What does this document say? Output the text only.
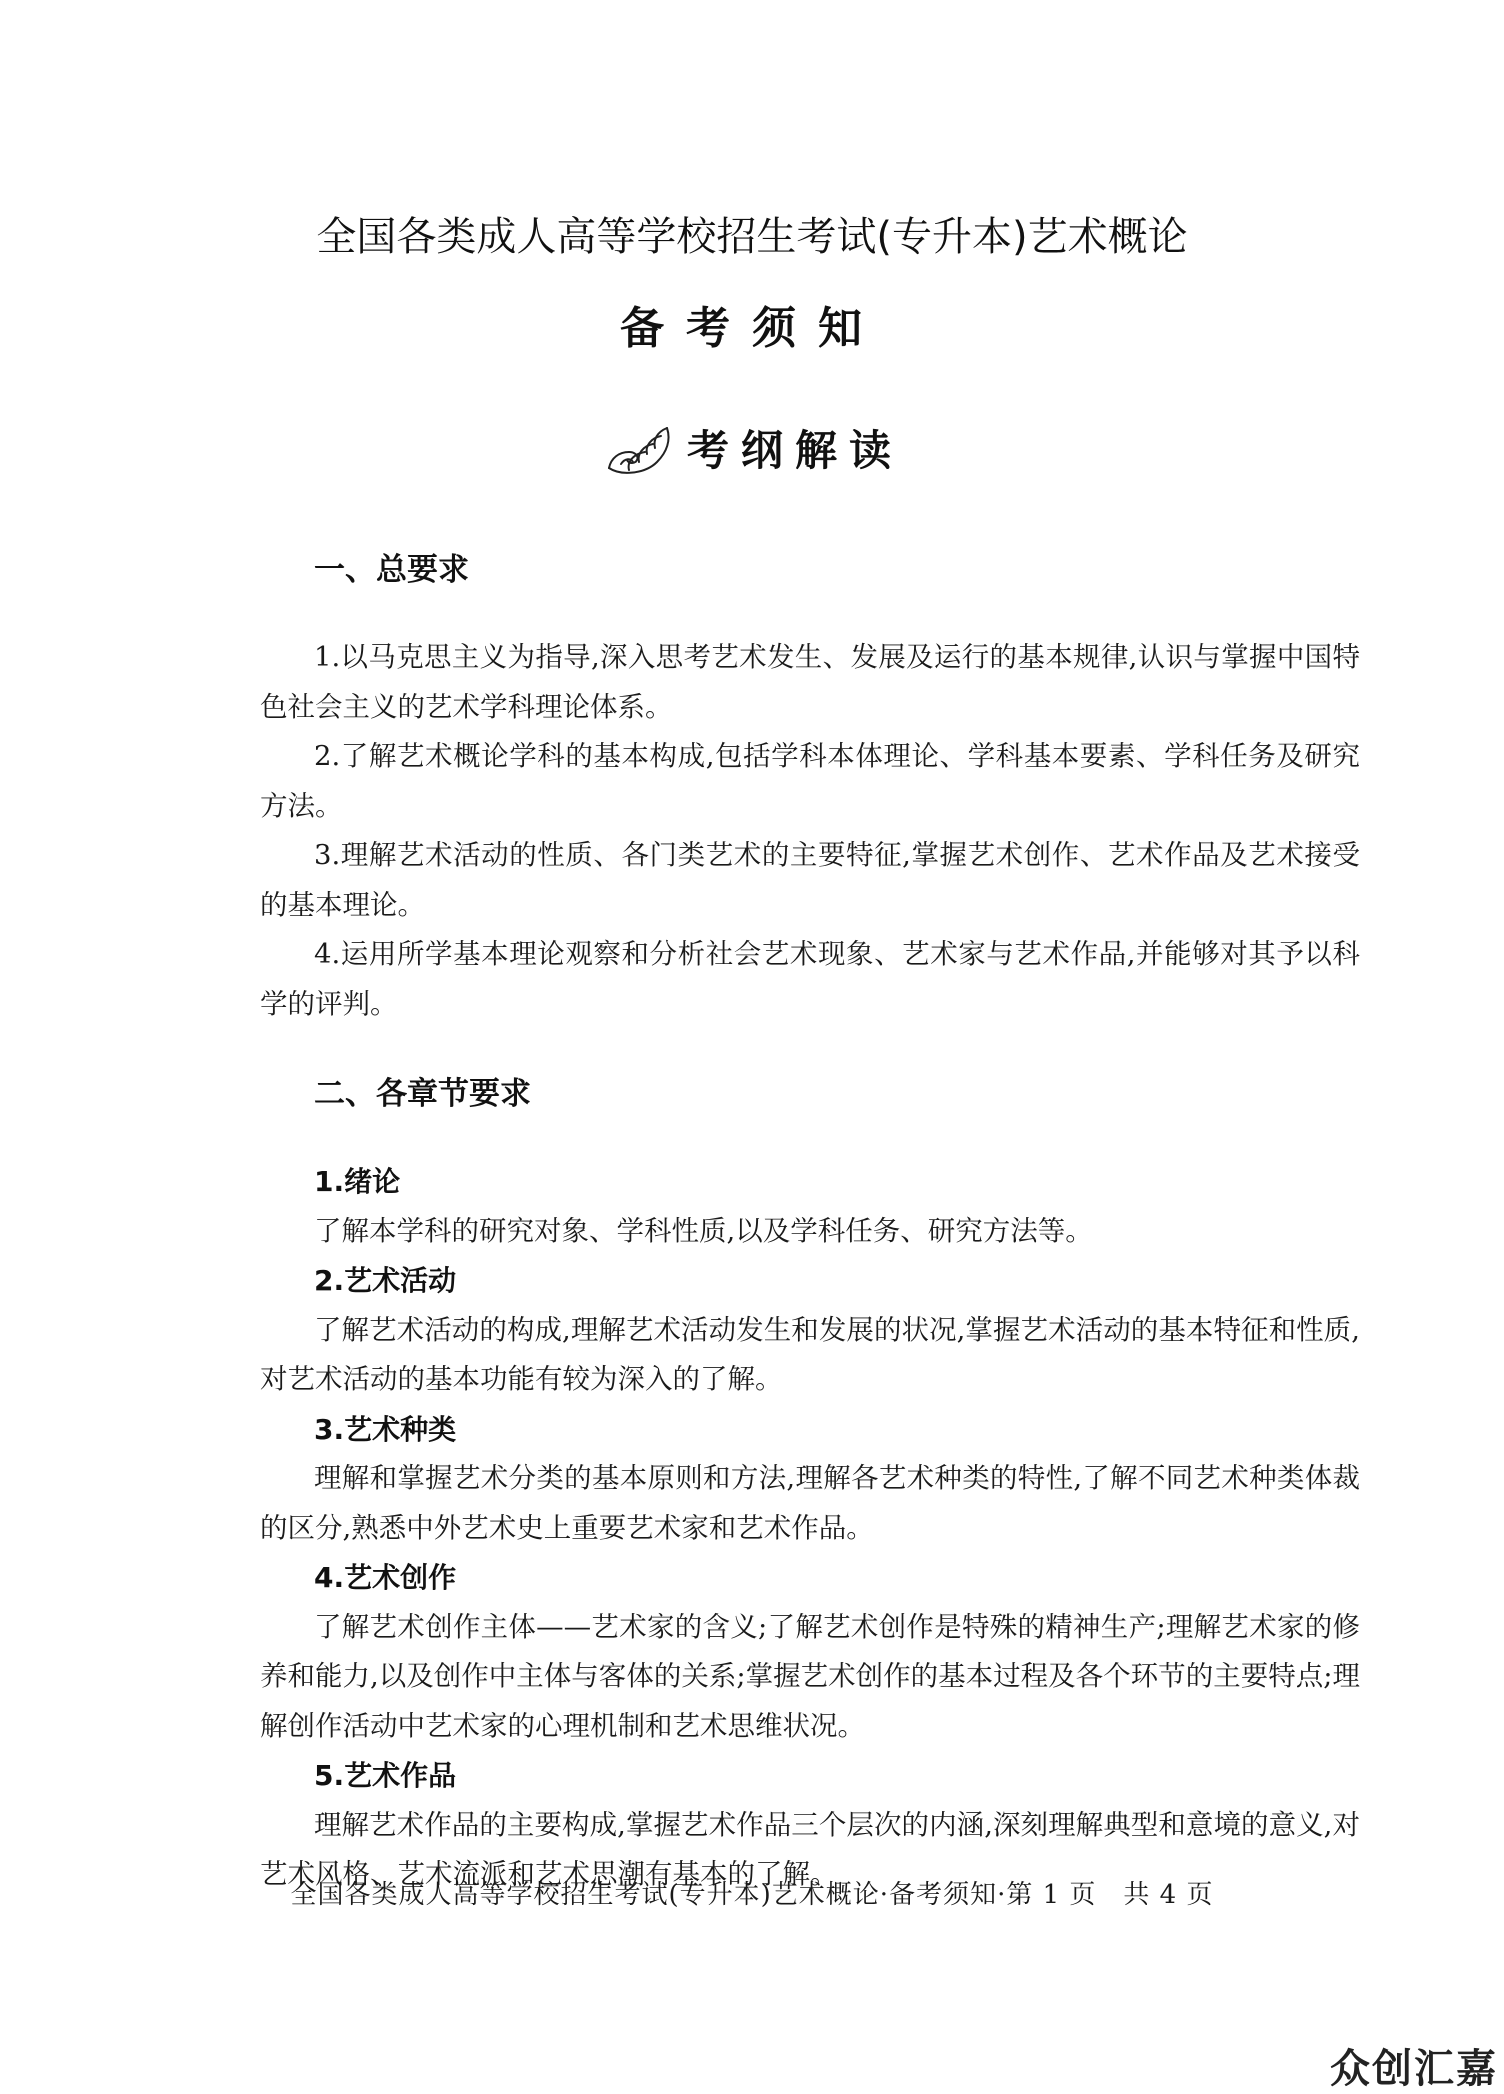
全国各类成人高等学校招生考试(专升本)艺术概论
备考须知
考纲解读
一、总要求

1.以马克思主义为指导,深入思考艺术发生、发展及运行的基本规律,认识与掌握中国特色社会主义的艺术学科理论体系。

2.了解艺术概论学科的基本构成,包括学科本体理论、学科基本要素、学科任务及研究方法。

3.理解艺术活动的性质、各门类艺术的主要特征,掌握艺术创作、艺术作品及艺术接受的基本理论。

4.运用所学基本理论观察和分析社会艺术现象、艺术家与艺术作品,并能够对其予以科学的评判。

二、各章节要求

1.绪论

了解本学科的研究对象、学科性质,以及学科任务、研究方法等。

2.艺术活动

了解艺术活动的构成,理解艺术活动发生和发展的状况,掌握艺术活动的基本特征和性质,对艺术活动的基本功能有较为深入的了解。

3.艺术种类

理解和掌握艺术分类的基本原则和方法,理解各艺术种类的特性,了解不同艺术种类体裁的区分,熟悉中外艺术史上重要艺术家和艺术作品。

4.艺术创作

了解艺术创作主体——艺术家的含义;了解艺术创作是特殊的精神生产;理解艺术家的修养和能力,以及创作中主体与客体的关系;掌握艺术创作的基本过程及各个环节的主要特点;理解创作活动中艺术家的心理机制和艺术思维状况。

5.艺术作品

理解艺术作品的主要构成,掌握艺术作品三个层次的内涵,深刻理解典型和意境的意义,对艺术风格、艺术流派和艺术思潮有基本的了解。

全国各类成人高等学校招生考试(专升本)艺术概论·备考须知·第 1 页　共 4 页
众创汇嘉
